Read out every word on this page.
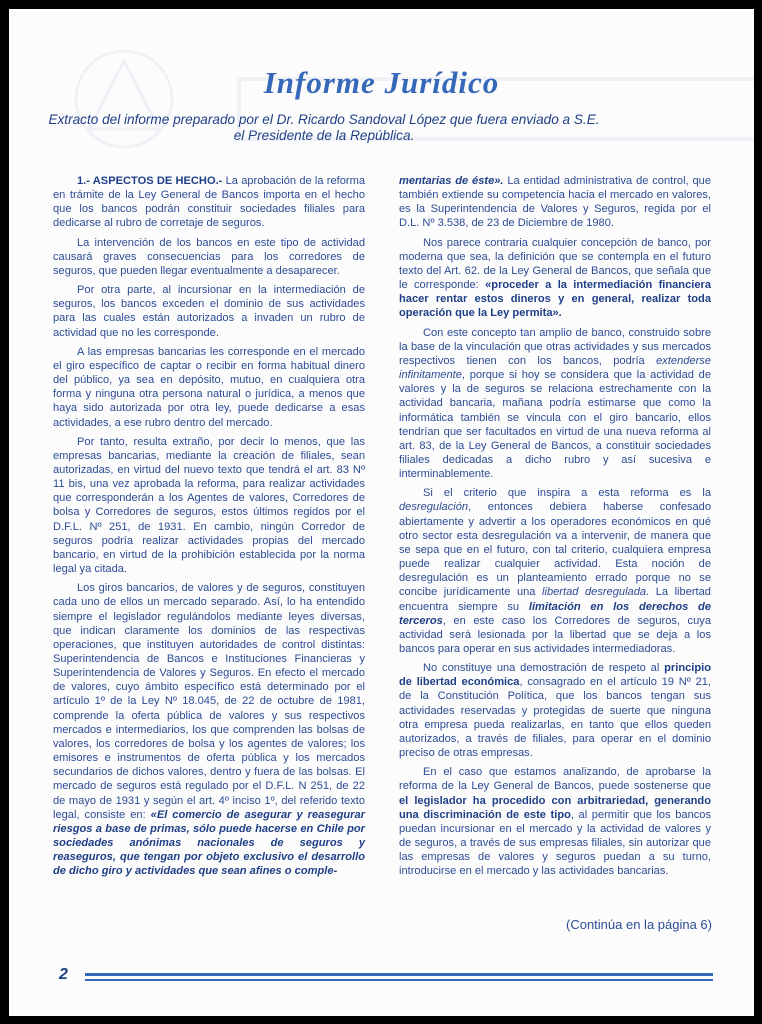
Informe Jurídico

Extracto del informe preparado por el Dr. Ricardo Sandoval López que fuera enviado a S.E. el Presidente de la República.

1.- ASPECTOS DE HECHO.- La aprobación de la reforma en trámite de la Ley General de Bancos importa en el hecho que los bancos podrán constituir sociedades filiales para dedicarse al rubro de corretaje de seguros.

La intervención de los bancos en este tipo de actividad causará graves consecuencias para los corredores de seguros, que pueden llegar eventualmente a desaparecer.

Por otra parte, al incursionar en la intermediación de seguros, los bancos exceden el dominio de sus actividades para las cuales están autorizados a invaden un rubro de actividad que no les corresponde.

A las empresas bancarias les corresponde en el mercado el giro específico de captar o recibir en forma habitual dinero del público, ya sea en depósito, mutuo, en cualquiera otra forma y ninguna otra persona natural o jurídica, a menos que haya sido autorizada por otra ley, puede dedicarse a esas actividades, a ese rubro dentro del mercado.

Por tanto, resulta extraño, por decir lo menos, que las empresas bancarias, mediante la creación de filiales, sean autorizadas, en virtud del nuevo texto que tendrá el art. 83 Nº 11 bis, una vez aprobada la reforma, para realizar actividades que corresponderán a los Agentes de valores, Corredores de bolsa y Corredores de seguros, estos últimos regidos por el D.F.L. Nº 251, de 1931. En cambio, ningún Corredor de seguros podría realizar actividades propias del mercado bancario, en virtud de la prohibición establecida por la norma legal ya citada.

Los giros bancarios, de valores y de seguros, constituyen cada uno de ellos un mercado separado. Así, lo ha entendido siempre el legislador regulándolos mediante leyes diversas, que indican claramente los dominios de las respectivas operaciones, que instituyen autoridades de control distintas: Superintendencia de Bancos e Instituciones Financieras y Superintendencia de Valores y Seguros. En efecto el mercado de valores, cuyo ámbito específico está determinado por el artículo 1º de la Ley Nº 18.045, de 22 de octubre de 1981, comprende la oferta pública de valores y sus respectivos mercados e intermediarios, los que comprenden las bolsas de valores, los corredores de bolsa y los agentes de valores; los emisores e instrumentos de oferta pública y los mercados secundarios de dichos valores, dentro y fuera de las bolsas. El mercado de seguros está regulado por el D.F.L. N 251, de 22 de mayo de 1931 y según el art. 4º inciso 1º, del referido texto legal, consiste en: «El comercio de asegurar y reasegurar riesgos a base de primas, sólo puede hacerse en Chile por sociedades anónimas nacionales de seguros y reaseguros, que tengan por objeto exclusivo el desarrollo de dicho giro y actividades que sean afines o comple-

mentarias de éste». La entidad administrativa de control, que también extiende su competencia hacia el mercado en valores, es la Superintendencia de Valores y Seguros, regida por el D.L. Nº 3.538, de 23 de Diciembre de 1980.

Nos parece contraria cualquier concepción de banco, por moderna que sea, la definición que se contempla en el futuro texto del Art. 62. de la Ley General de Bancos, que señala que le corresponde: «proceder a la intermediación financiera hacer rentar estos dineros y en general, realizar toda operación que la Ley permita».

Con este concepto tan amplio de banco, construido sobre la base de la vinculación que otras actividades y sus mercados respectivos tienen con los bancos, podría extenderse infinitamente, porque si hoy se considera que la actividad de valores y la de seguros se relaciona estrechamente con la actividad bancaria, mañana podría estimarse que como la informática también se vincula con el giro bancario, ellos tendrían que ser facultados en virtud de una nueva reforma al art. 83, de la Ley General de Bancos, a constituir sociedades filiales dedicadas a dicho rubro y así sucesiva e interminablemente.

Si el criterio que inspira a esta reforma es la desregulación, entonces debiera haberse confesado abiertamente y advertir a los operadores económicos en qué otro sector esta desregulación va a intervenir, de manera que se sepa que en el futuro, con tal criterio, cualquiera empresa puede realizar cualquier actividad. Esta noción de desregulación es un planteamiento errado porque no se concibe jurídicamente una libertad desregulada. La libertad encuentra siempre su limitación en los derechos de terceros, en este caso los Corredores de seguros, cuya actividad será lesionada por la libertad que se deja a los bancos para operar en sus actividades intermediadoras.

No constituye una demostración de respeto al principio de libertad económica, consagrado en el artículo 19 Nº 21, de la Constitución Política, que los bancos tengan sus actividades reservadas y protegidas de suerte que ninguna otra empresa pueda realizarlas, en tanto que ellos queden autorizados, a través de filiales, para operar en el dominio preciso de otras empresas.

En el caso que estamos analizando, de aprobarse la reforma de la Ley General de Bancos, puede sostenerse que el legislador ha procedido con arbitrariedad, generando una discriminación de este tipo, al permitir que los bancos puedan incursionar en el mercado y la actividad de valores y de seguros, a través de sus empresas filiales, sin autorizar que las empresas de valores y seguros puedan a su turno, introducirse en el mercado y las actividades bancarias.

(Continúa en la página 6)

2
